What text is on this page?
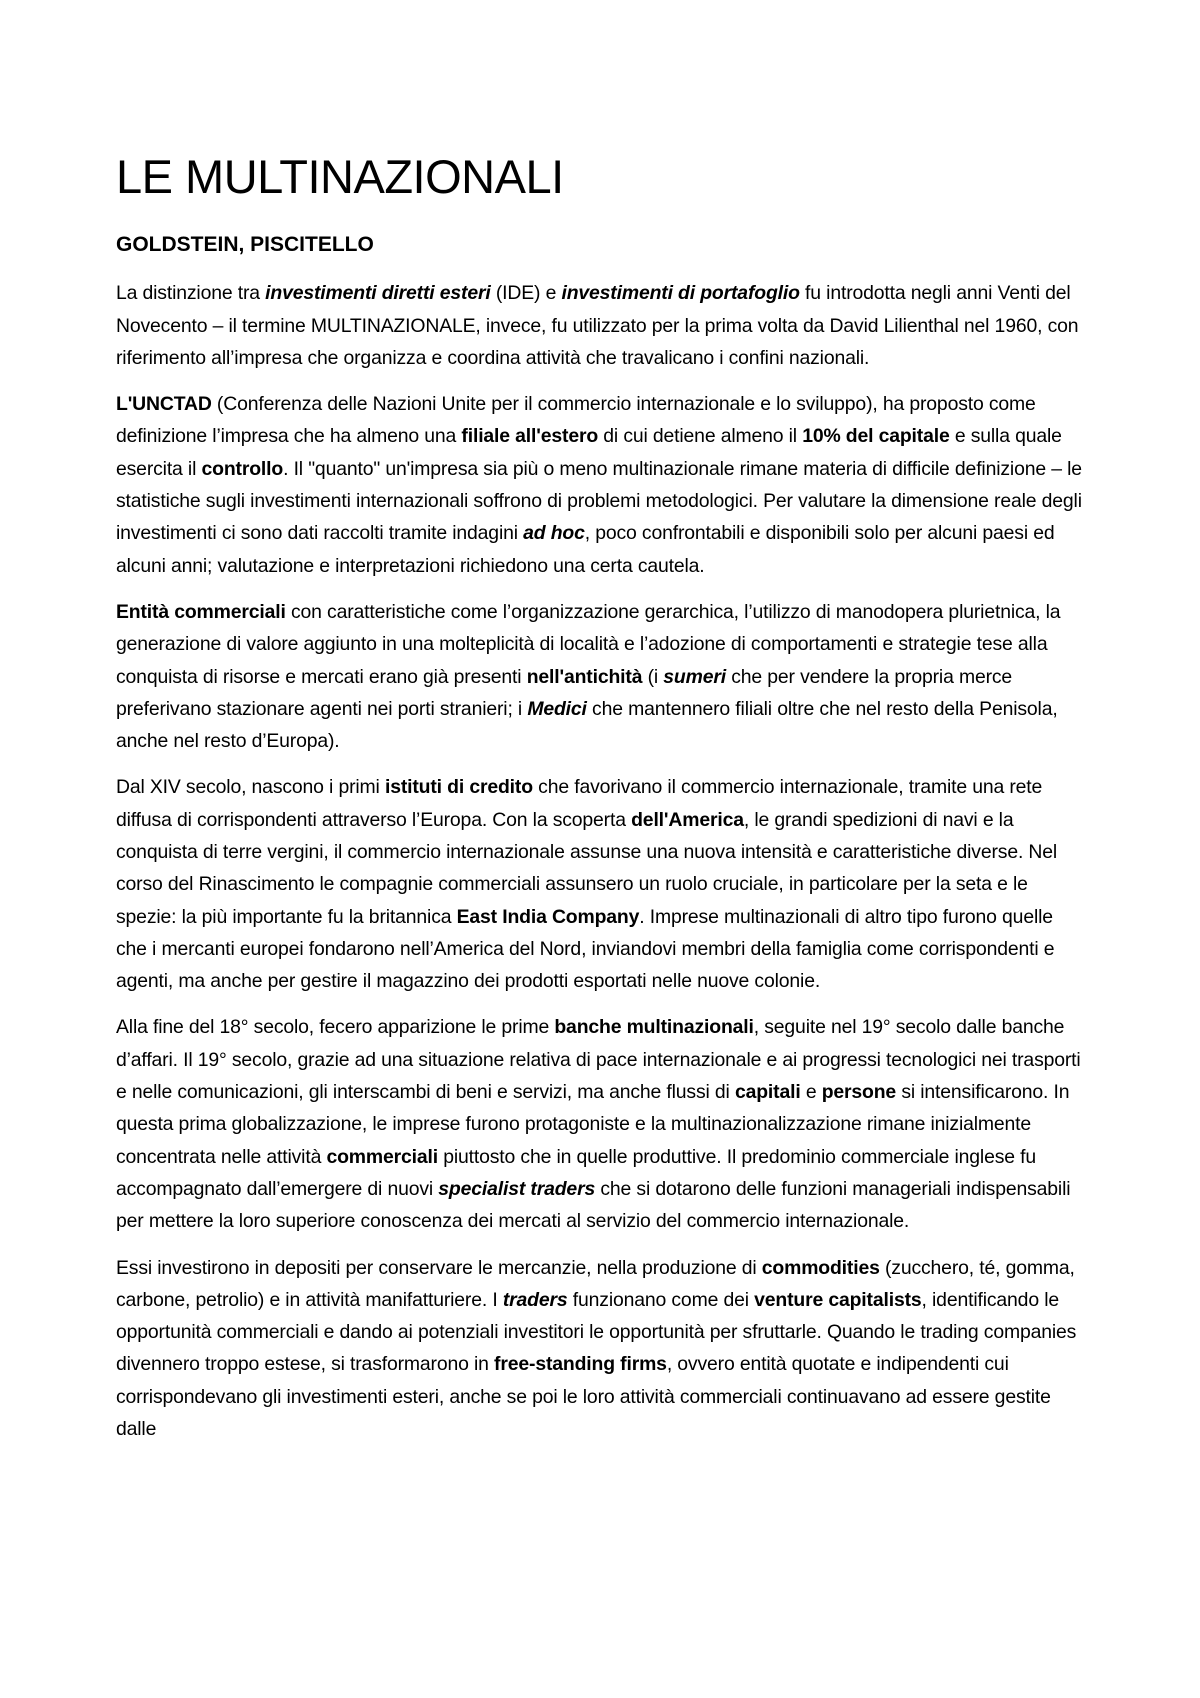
LE MULTINAZIONALI
GOLDSTEIN, PISCITELLO

La distinzione tra investimenti diretti esteri (IDE) e investimenti di portafoglio fu introdotta negli anni Venti del Novecento – il termine MULTINAZIONALE, invece, fu utilizzato per la prima volta da David Lilienthal nel 1960, con riferimento all’impresa che organizza e coordina attività che travalicano i confini nazionali.

L'UNCTAD (Conferenza delle Nazioni Unite per il commercio internazionale e lo sviluppo), ha proposto come definizione l’impresa che ha almeno una filiale all'estero di cui detiene almeno il 10% del capitale e sulla quale esercita il controllo. Il "quanto" un'impresa sia più o meno multinazionale rimane materia di difficile definizione – le statistiche sugli investimenti internazionali soffrono di problemi metodologici. Per valutare la dimensione reale degli investimenti ci sono dati raccolti tramite indagini ad hoc, poco confrontabili e disponibili solo per alcuni paesi ed alcuni anni; valutazione e interpretazioni richiedono una certa cautela.

Entità commerciali con caratteristiche come l’organizzazione gerarchica, l’utilizzo di manodopera plurietnica, la generazione di valore aggiunto in una molteplicità di località e l’adozione di comportamenti e strategie tese alla conquista di risorse e mercati erano già presenti nell'antichità (i sumeri che per vendere la propria merce preferivano stazionare agenti nei porti stranieri; i Medici che mantennero filiali oltre che nel resto della Penisola, anche nel resto d’Europa).

Dal XIV secolo, nascono i primi istituti di credito che favorivano il commercio internazionale, tramite una rete diffusa di corrispondenti attraverso l’Europa. Con la scoperta dell'America, le grandi spedizioni di navi e la conquista di terre vergini, il commercio internazionale assunse una nuova intensità e caratteristiche diverse. Nel corso del Rinascimento le compagnie commerciali assunsero un ruolo cruciale, in particolare per la seta e le spezie: la più importante fu la britannica East India Company. Imprese multinazionali di altro tipo furono quelle che i mercanti europei fondarono nell’America del Nord, inviandovi membri della famiglia come corrispondenti e agenti, ma anche per gestire il magazzino dei prodotti esportati nelle nuove colonie.

Alla fine del 18° secolo, fecero apparizione le prime banche multinazionali, seguite nel 19° secolo dalle banche d’affari. Il 19° secolo, grazie ad una situazione relativa di pace internazionale e ai progressi tecnologici nei trasporti e nelle comunicazioni, gli interscambi di beni e servizi, ma anche flussi di capitali e persone si intensificarono. In questa prima globalizzazione, le imprese furono protagoniste e la multinazionalizzazione rimane inizialmente concentrata nelle attività commerciali piuttosto che in quelle produttive. Il predominio commerciale inglese fu accompagnato dall’emergere di nuovi specialist traders che si dotarono delle funzioni manageriali indispensabili per mettere la loro superiore conoscenza dei mercati al servizio del commercio internazionale.

Essi investirono in depositi per conservare le mercanzie, nella produzione di commodities (zucchero, té, gomma, carbone, petrolio) e in attività manifatturiere. I traders funzionano come dei venture capitalists, identificando le opportunità commerciali e dando ai potenziali investitori le opportunità per sfruttarle. Quando le trading companies divennero troppo estese, si trasformarono in free-standing firms, ovvero entità quotate e indipendenti cui corrispondevano gli investimenti esteri, anche se poi le loro attività commerciali continuavano ad essere gestite dalle
